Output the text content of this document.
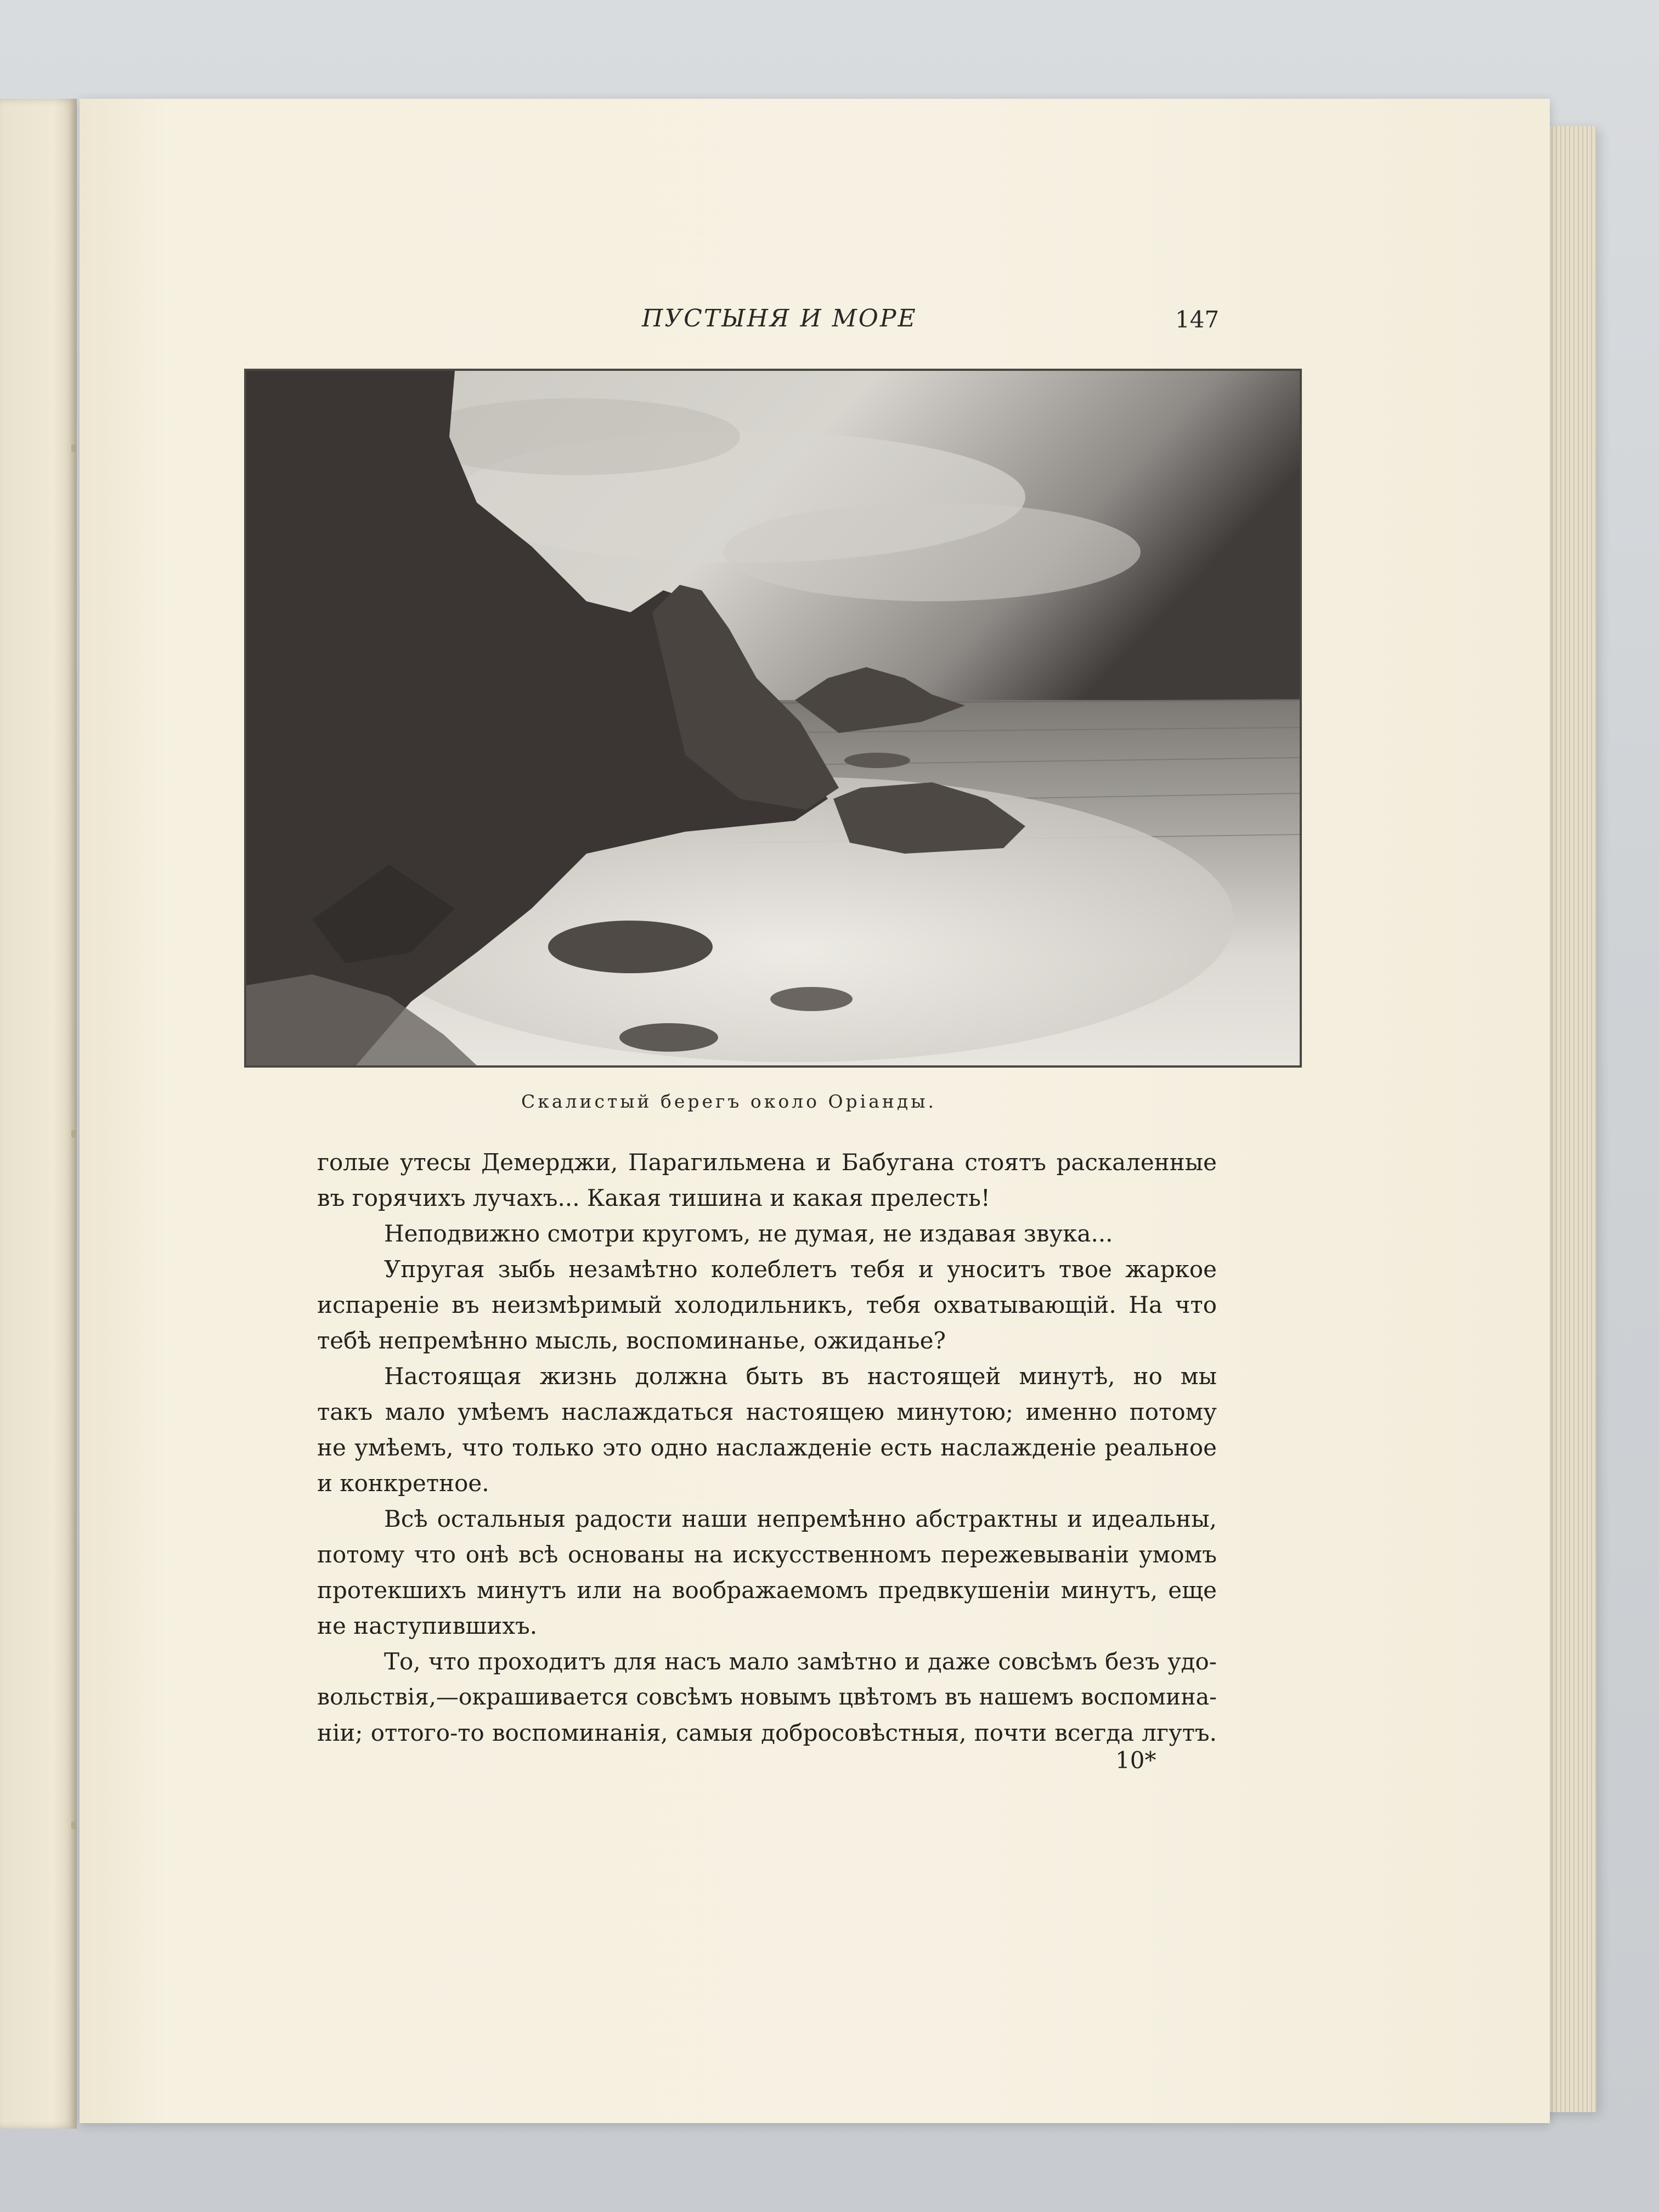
ПУСТЫНЯ И МОРЕ	147
Скалистый берегъ около Оріанды.
голые утесы Демерджи, Парагильмена и Бабугана стоятъ раскаленные
въ горячихъ лучахъ... Какая тишина и какая прелесть!
Неподвижно смотри кругомъ, не думая, не издавая звука...
Упругая зыбь незамѣтно колеблетъ тебя и уноситъ твое жаркое
испареніе въ неизмѣримый холодильникъ, тебя охватывающій. На что
тебѣ непремѣнно мысль, воспоминанье, ожиданье?
Настоящая жизнь должна быть въ настоящей минутѣ, но мы
такъ мало умѣемъ наслаждаться настоящею минутою; именно потому
не умѣемъ, что только это одно наслажденіе есть наслажденіе реальное
и конкретное.
Всѣ остальныя радости наши непремѣнно абстрактны и идеальны,
потому что онѣ всѣ основаны на искусственномъ пережевываніи умомъ
протекшихъ минутъ или на воображаемомъ предвкушеніи минутъ, еще
не наступившихъ.
То, что проходитъ для насъ мало замѣтно и даже совсѣмъ безъ удо-
вольствія,—окрашивается совсѣмъ новымъ цвѣтомъ въ нашемъ воспомина-
ніи; оттого-то воспоминанія, самыя добросовѣстныя, почти всегда лгутъ.
10*
